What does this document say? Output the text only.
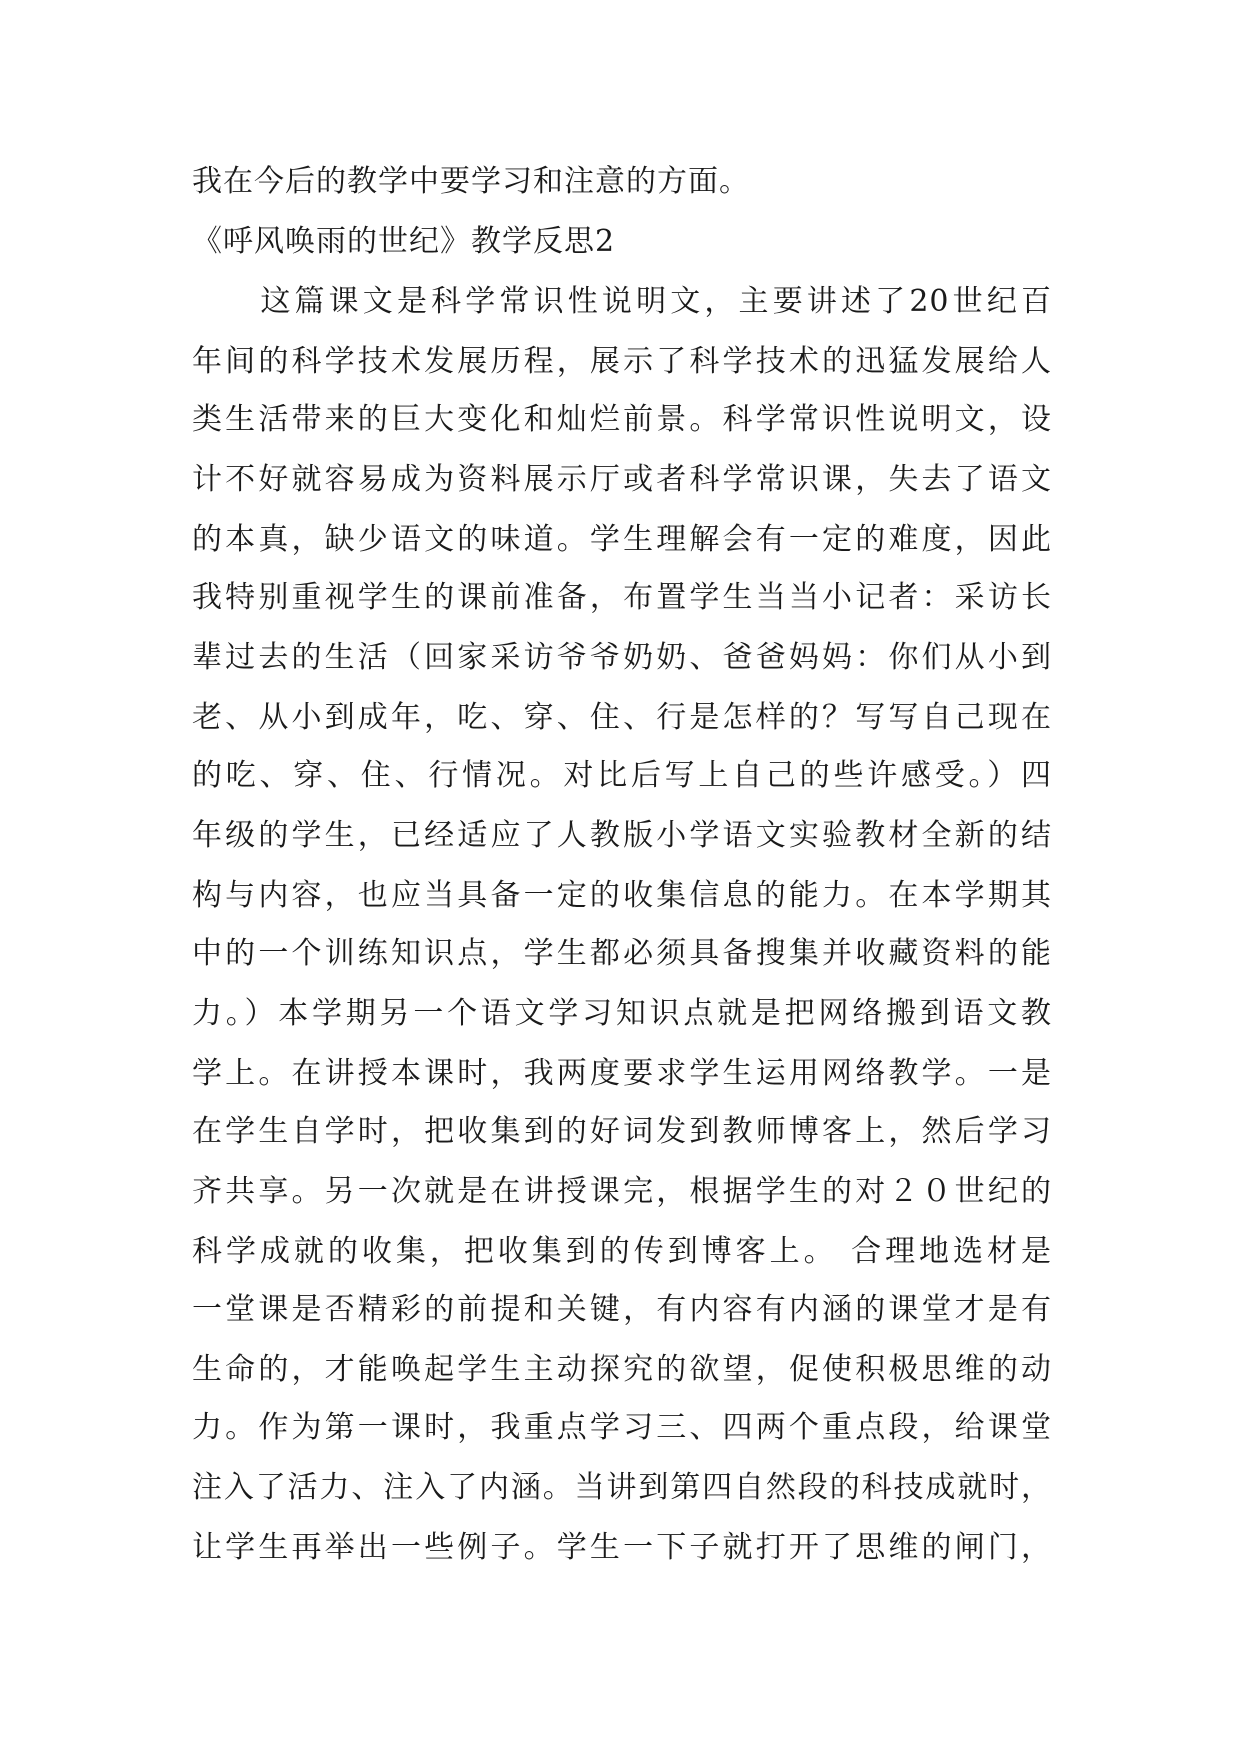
我在今后的教学中要学习和注意的方面。
《呼风唤雨的世纪》教学反思2
　　这篇课文是科学常识性说明文，主要讲述了20世纪百
年间的科学技术发展历程，展示了科学技术的迅猛发展给人
类生活带来的巨大变化和灿烂前景。科学常识性说明文，设
计不好就容易成为资料展示厅或者科学常识课，失去了语文
的本真，缺少语文的味道。学生理解会有一定的难度，因此
我特别重视学生的课前准备，布置学生当当小记者：采访长
辈过去的生活（回家采访爷爷奶奶、爸爸妈妈：你们从小到
老、从小到成年，吃、穿、住、行是怎样的？写写自己现在
的吃、穿、住、行情况。对比后写上自己的些许感受。）四
年级的学生，已经适应了人教版小学语文实验教材全新的结
构与内容，也应当具备一定的收集信息的能力。在本学期其
中的一个训练知识点，学生都必须具备搜集并收藏资料的能
力。）本学期另一个语文学习知识点就是把网络搬到语文教
学上。在讲授本课时，我两度要求学生运用网络教学。一是
在学生自学时，把收集到的好词发到教师博客上，然后学习
齐共享。另一次就是在讲授课完，根据学生的对２０世纪的
科学成就的收集，把收集到的传到博客上。 合理地选材是
一堂课是否精彩的前提和关键，有内容有内涵的课堂才是有
生命的，才能唤起学生主动探究的欲望，促使积极思维的动
力。作为第一课时，我重点学习三、四两个重点段，给课堂
注入了活力、注入了内涵。当讲到第四自然段的科技成就时，
让学生再举出一些例子。学生一下子就打开了思维的闸门，
